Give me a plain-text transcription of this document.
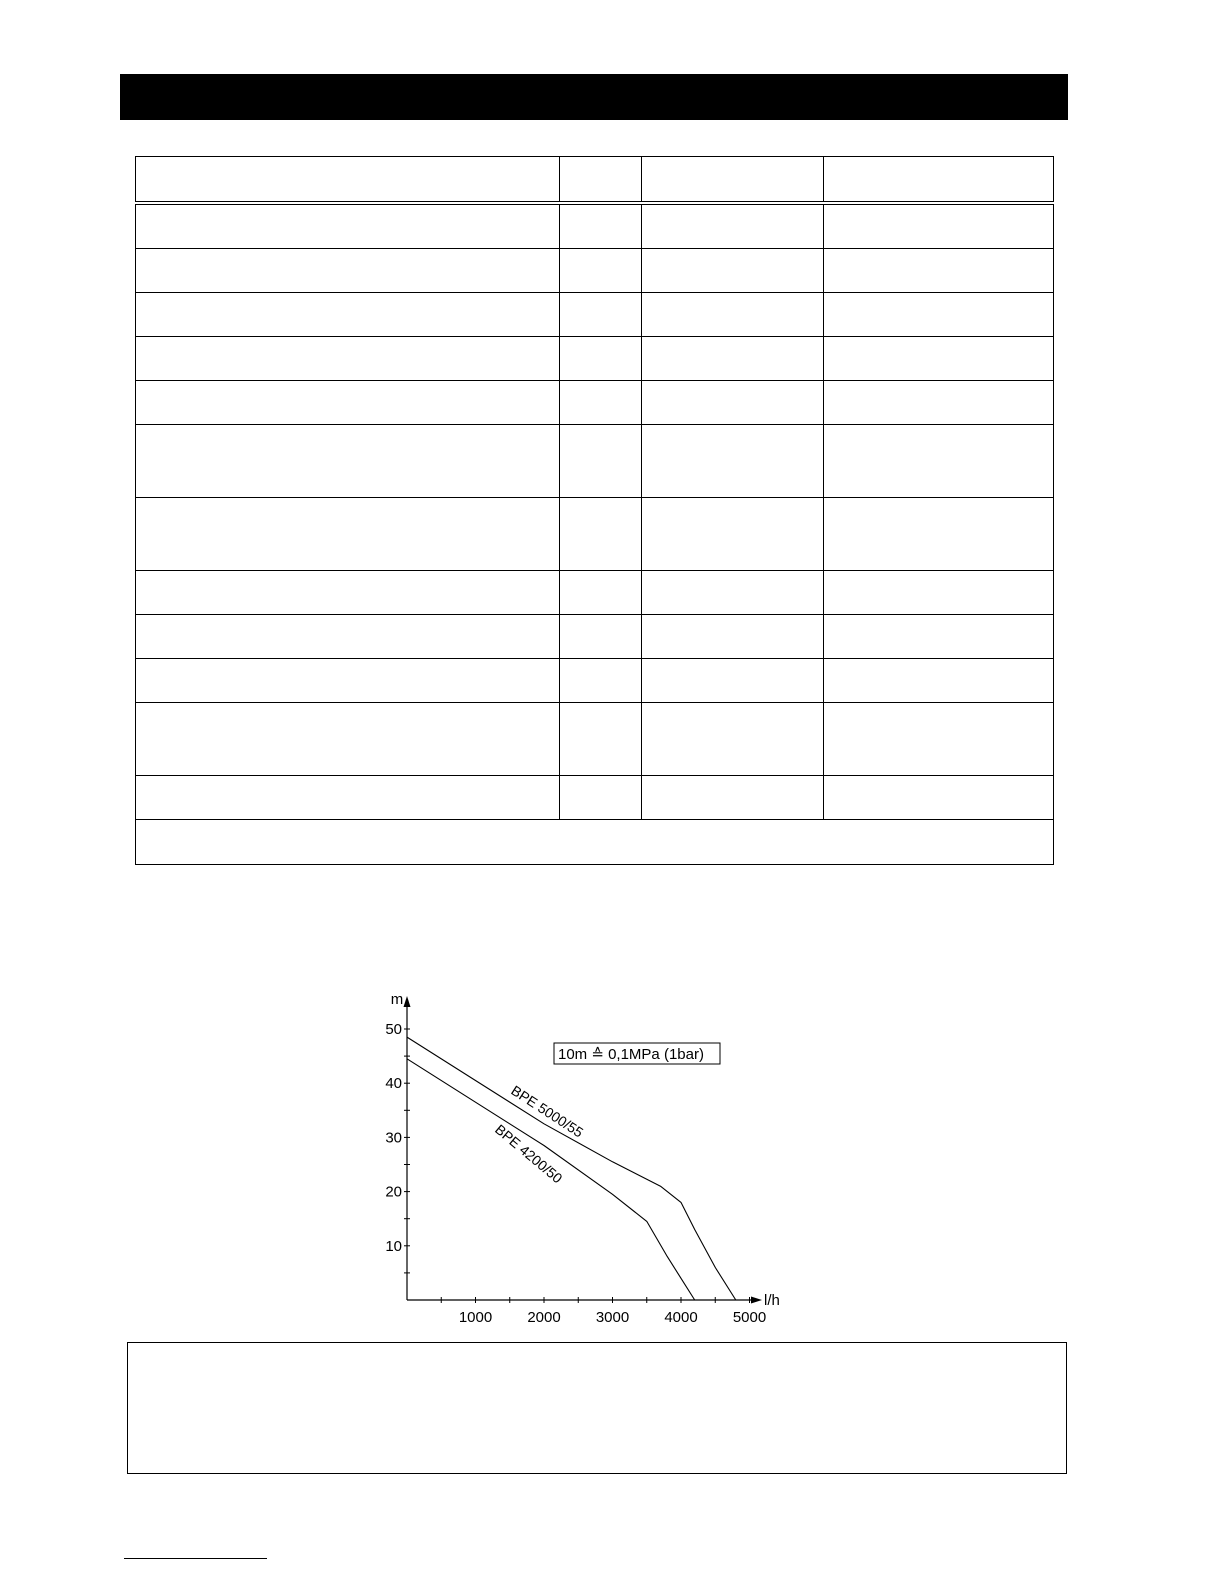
m
l/h
10
20
30
40
50
1000 2000 3000 4000 5000
BPE 5000/55
BPE 4200/50
10m ≙ 0,1MPa (1bar)
